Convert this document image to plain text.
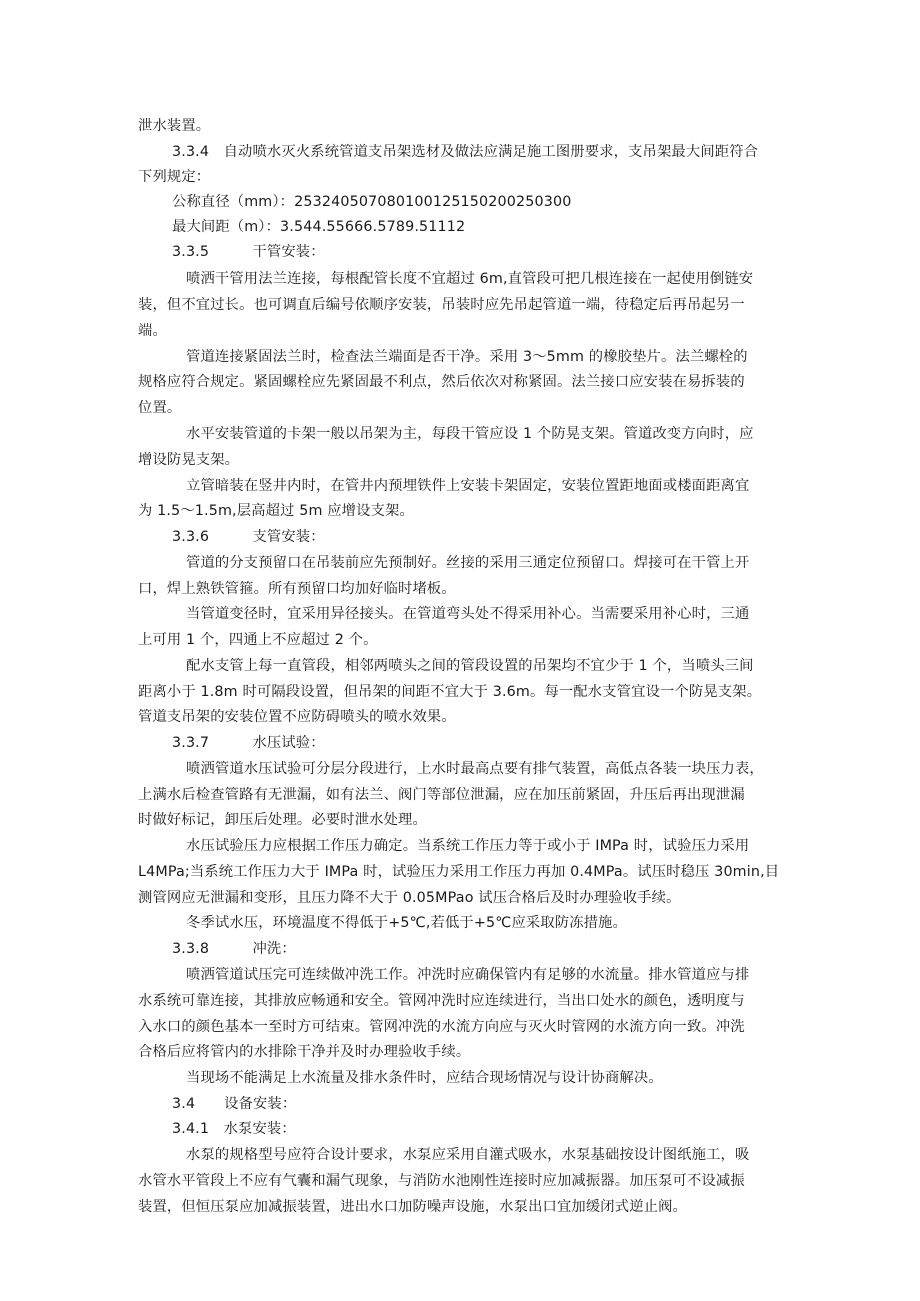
泄水装置。
3.3.4　自动喷水灭火系统管道支吊架选材及做法应满足施工图册要求，支吊架最大间距符合
下列规定：
公称直径（mm）：25324050708010012515020025030​0
最大间距（m）：3.544.55666.5789.51112
3.3.5　　　干管安装：
喷洒干管用法兰连接，每根配管长度不宜超过 6m,直管段可把几根连接在一起使用倒链安
装，但不宜过长。也可调直后编号依顺序安装，吊装时应先吊起管道一端，待稳定后再吊起另一
端。
管道连接紧固法兰时，检查法兰端面是否干净。采用 3～5mm 的橡胶垫片。法兰螺栓的
规格应符合规定。紧固螺栓应先紧固最不利点，然后依次对称紧固。法兰接口应安装在易拆装的
位置。
水平安装管道的卡架一般以吊架为主，每段干管应设 1 个防晃支架。管道改变方向时，应
增设防晃支架。
立管暗装在竖井内时，在管井内预埋铁件上安装卡架固定，安装位置距地面或楼面距离宜
为 1.5～1.5m,层高超过 5m 应增设支架。
3.3.6　　　支管安装：
管道的分支预留口在吊装前应先预制好。丝接的采用三通定位预留口。焊接可在干管上开
口，焊上熟铁管箍。所有预留口均加好临时堵板。
当管道变径时，宜采用异径接头。在管道弯头处不得采用补心。当需要采用补心时，三通
上可用 1 个，四通上不应超过 2 个。
配水支管上每一直管段，相邻两喷头之间的管段设置的吊架均不宜少于 1 个，当喷头三间
距离小于 1.8m 时可隔段设置，但吊架的间距不宜大于 3.6m。每一配水支管宜设一个防晃支架。
管道支吊架的安装位置不应防碍喷头的喷水效果。
3.3.7　　　水压试验：
喷洒管道水压试验可分层分段进行，上水时最高点要有排气装置，高低点各装一块压力表，
上满水后检查管路有无泄漏，如有法兰、阀门等部位泄漏，应在加压前紧固，升压后再出现泄漏
时做好标记，卸压后处理。必要时泄水处理。
水压试验压力应根据工作压力确定。当系统工作压力等于或小于 IMPa 时，试验压力采用
L4MPa;当系统工作压力大于 IMPa 时，试验压力采用工作压力再加 0.4MPa。试压时稳压 30min,目
测管网应无泄漏和变形，且压力降不大于 0.05MPao 试压合格后及时办理验收手续。
冬季试水压，环境温度不得低于+5℃,若低于+5℃应采取防冻措施。
3.3.8　　　冲洗：
喷洒管道试压完可连续做冲洗工作。冲洗时应确保管内有足够的水流量。排水管道应与排
水系统可靠连接，其排放应畅通和安全。管网冲洗时应连续进行，当出口处水的颜色，透明度与
入水口的颜色基本一至时方可结束。管网冲洗的水流方向应与灭火时管网的水流方向一致。冲洗
合格后应将管内的水排除干净并及时办理验收手续。
当现场不能满足上水流量及排水条件时，应结合现场情况与设计协商解决。
3.4　　设备安装：
3.4.1　水泵安装：
水泵的规格型号应符合设计要求，水泵应采用自灌式吸水，水泵基础按设计图纸施工，吸
水管水平管段上不应有气囊和漏气现象，与消防水池刚性连接时应加减振器。加压泵可不设减振
装置，但恒压泵应加减振装置，进出水口加防噪声设施，水泵出口宜加缓闭式逆止阀。
